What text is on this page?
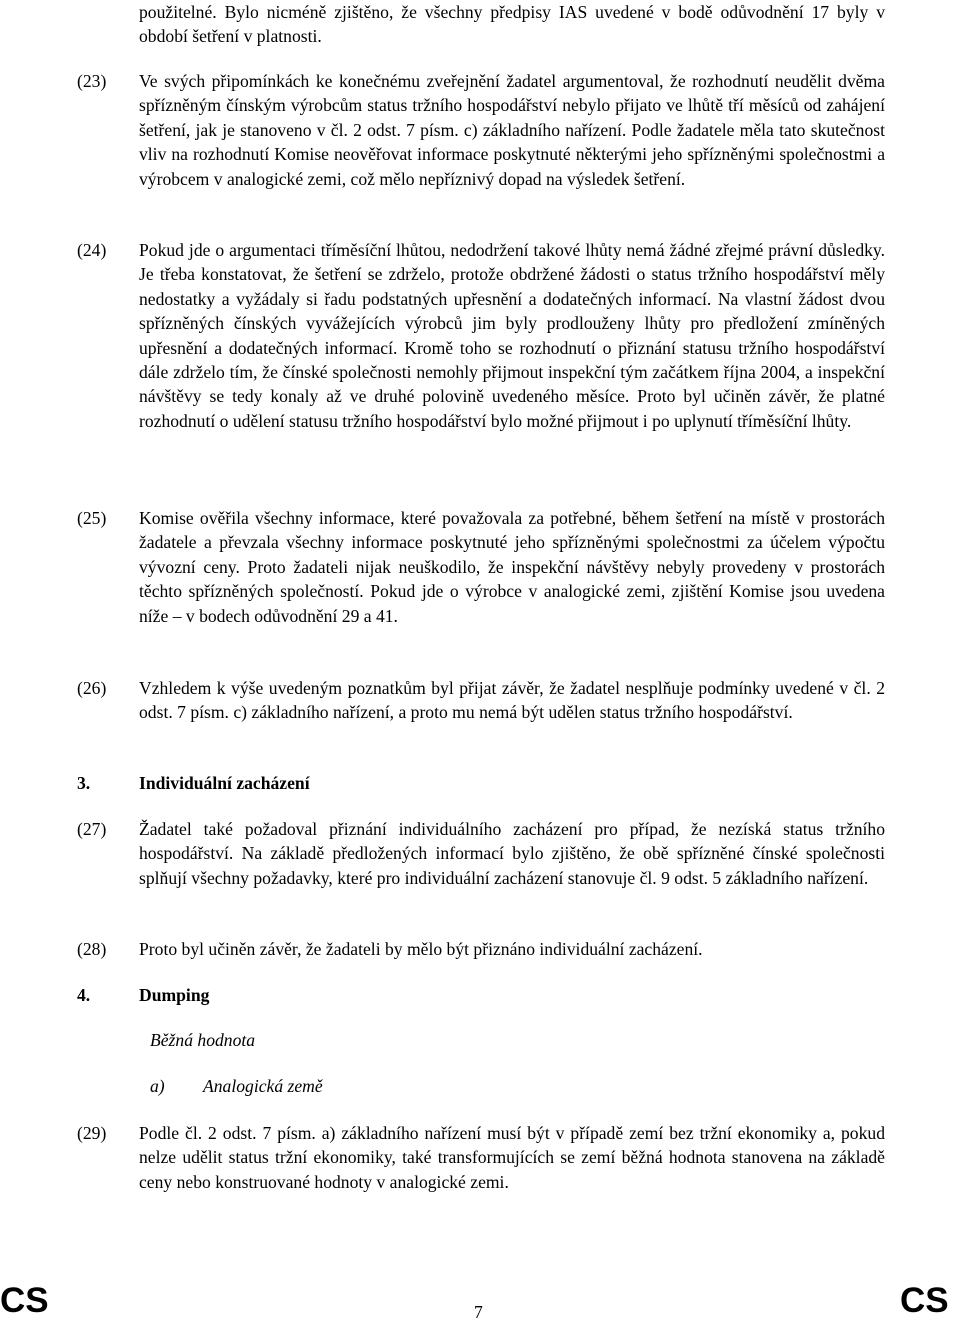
použitelné. Bylo nicméně zjištěno, že všechny předpisy IAS uvedené v bodě odůvodnění 17 byly v období šetření v platnosti.
(23) Ve svých připomínkách ke konečnému zveřejnění žadatel argumentoval, že rozhodnutí neudělit dvěma spřízněným čínským výrobcům status tržního hospodářství nebylo přijato ve lhůtě tří měsíců od zahájení šetření, jak je stanoveno v čl. 2 odst. 7 písm. c) základního nařízení. Podle žadatele měla tato skutečnost vliv na rozhodnutí Komise neověřovat informace poskytnuté některými jeho spřízněnými společnostmi a výrobcem v analogické zemi, což mělo nepříznivý dopad na výsledek šetření.
(24) Pokud jde o argumentaci tříměsíční lhůtou, nedodržení takové lhůty nemá žádné zřejmé právní důsledky. Je třeba konstatovat, že šetření se zdrželo, protože obdržené žádosti o status tržního hospodářství měly nedostatky a vyžádaly si řadu podstatných upřesnění a dodatečných informací. Na vlastní žádost dvou spřízněných čínských vyvážejících výrobců jim byly prodlouženy lhůty pro předložení zmíněných upřesnění a dodatečných informací. Kromě toho se rozhodnutí o přiznání statusu tržního hospodářství dále zdrželo tím, že čínské společnosti nemohly přijmout inspekční tým začátkem října 2004, a inspekční návštěvy se tedy konaly až ve druhé polovině uvedeného měsíce. Proto byl učiněn závěr, že platné rozhodnutí o udělení statusu tržního hospodářství bylo možné přijmout i po uplynutí tříměsíční lhůty.
(25) Komise ověřila všechny informace, které považovala za potřebné, během šetření na místě v prostorách žadatele a převzala všechny informace poskytnuté jeho spřízněnými společnostmi za účelem výpočtu vývozní ceny. Proto žadateli nijak neuškodilo, že inspekční návštěvy nebyly provedeny v prostorách těchto spřízněných společností. Pokud jde o výrobce v analogické zemi, zjištění Komise jsou uvedena níže – v bodech odůvodnění 29 a 41.
(26) Vzhledem k výše uvedeným poznatkům byl přijat závěr, že žadatel nesplňuje podmínky uvedené v čl. 2 odst. 7 písm. c) základního nařízení, a proto mu nemá být udělen status tržního hospodářství.
3.	Individuální zacházení
(27) Žadatel také požadoval přiznání individuálního zacházení pro případ, že nezíská status tržního hospodářství. Na základě předložených informací bylo zjištěno, že obě spřízněné čínské společnosti splňují všechny požadavky, které pro individuální zacházení stanovuje čl. 9 odst. 5 základního nařízení.
(28) Proto byl učiněn závěr, že žadateli by mělo být přiznáno individuální zacházení.
4.	Dumping
Běžná hodnota
a) Analogická země
(29) Podle čl. 2 odst. 7 písm. a) základního nařízení musí být v případě zemí bez tržní ekonomiky a, pokud nelze udělit status tržní ekonomiky, také transformujících se zemí běžná hodnota stanovena na základě ceny nebo konstruované hodnoty v analogické zemi.
CS	7	CS
